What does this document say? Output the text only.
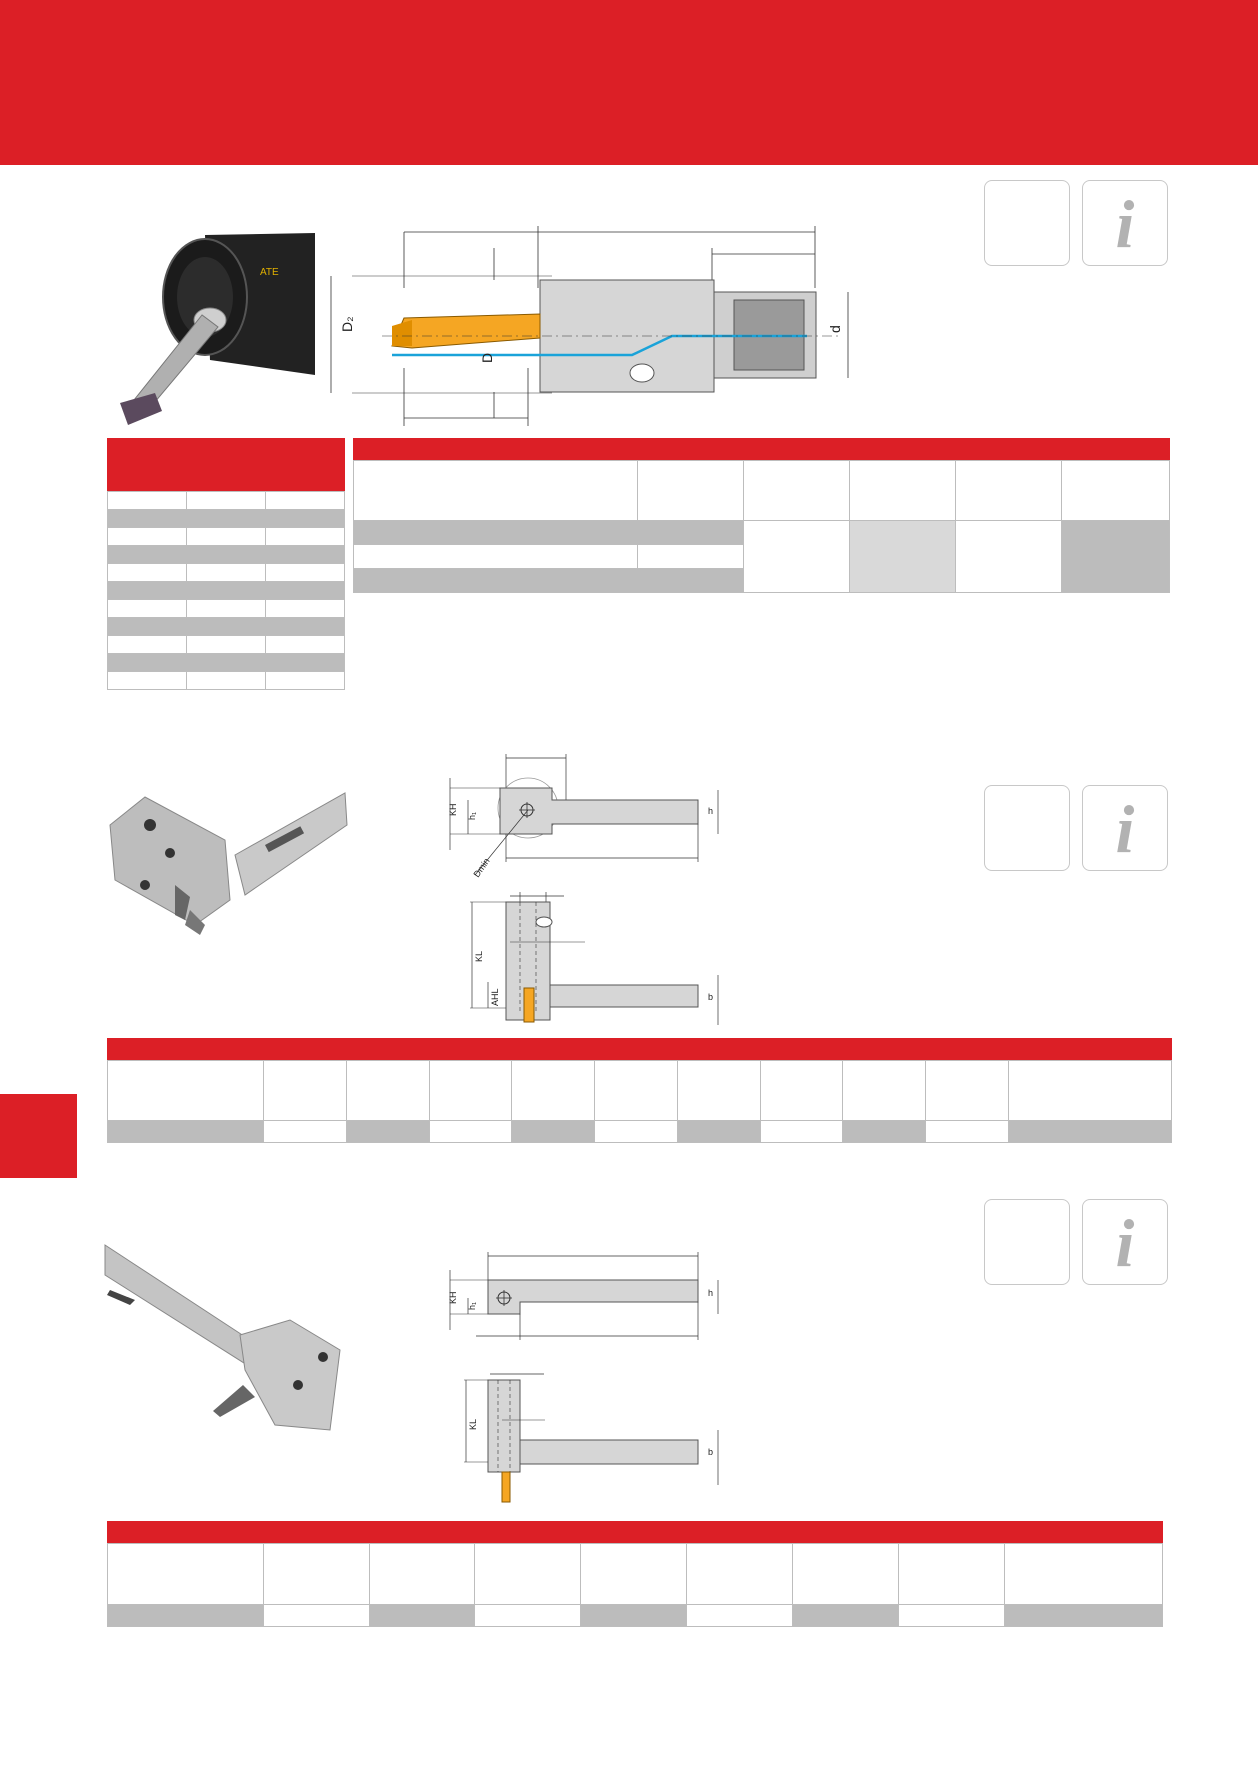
ATE
D₂
D
d
i

KH h₁	h
Dmin
KL
AHL	b
i

KH
h₁
h
KL
b
i
